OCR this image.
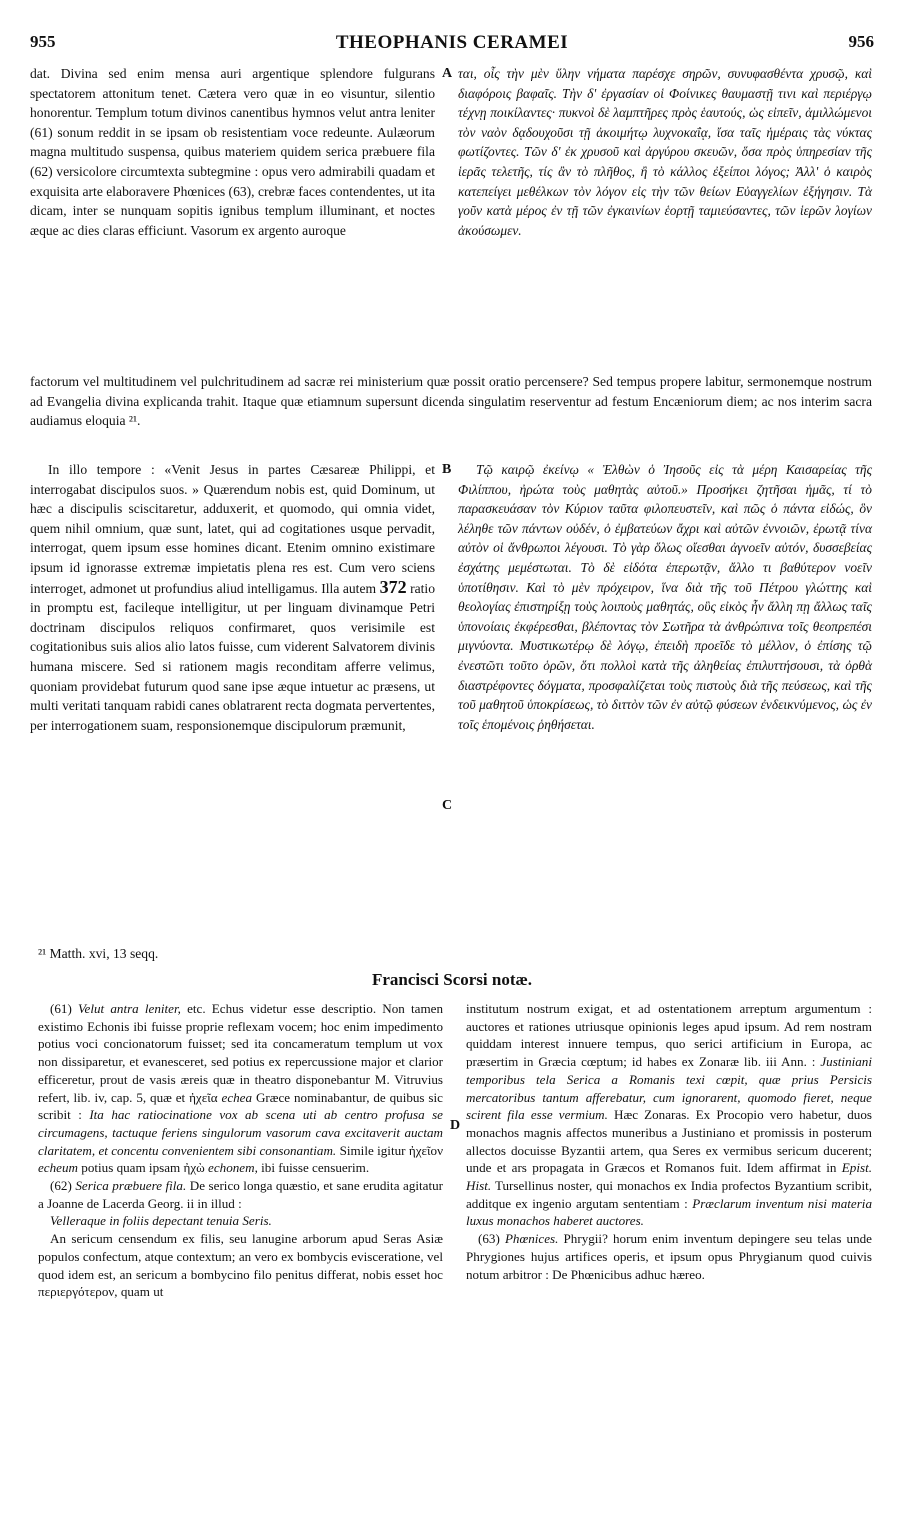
955	THEOPHANIS CERAMEI	956

dat. Divina sed enim mensa auri argentique splendore fulgurans spectatorem attonitum tenet. Cætera vero quæ in eo visuntur, silentio honorentur. Templum totum divinos canentibus hymnos velut antra leniter (61) sonum reddit in se ipsam ob resistentiam voce redeunte. Aulæorum magna multitudo suspensa, quibus materiem quidem serica præbuere fila (62) versicolore circumtexta subtegmine : opus vero admirabili quadam et exquisita arte elaboravere Phœnices (63), crebræ faces contendentes, ut ita dicam, inter se nunquam sopitis ignibus templum illuminant, et noctes æque ac dies claras efficiunt. Vasorum ex argento auroque

A ται, οἷς τὴν μὲν ὕλην νήματα παρέσχε σηρῶν, συνυφασθέντα χρυσῷ, καὶ διαφόροις βαφαῖς. Τὴν δ' ἐργασίαν οἱ Φοίνικες θαυμαστῇ τινι καὶ περιέργῳ τέχνῃ ποικίλαντες· πυκνοὶ δὲ λαμπτῆρες πρὸς ἑαυτούς, ὡς εἰπεῖν, ἁμιλλώμενοι τὸν ναὸν δᾳδουχοῦσι τῇ ἀκοιμήτῳ λυχνοκαΐᾳ, ἴσα ταῖς ἡμέραις τὰς νύκτας φωτίζοντες. Τῶν δ' ἐκ χρυσοῦ καὶ ἀργύρου σκευῶν, ὅσα πρὸς ὑπηρεσίαν τῆς ἱερᾶς τελετῆς, τίς ἂν τὸ πλῆθος, ἢ τὸ κάλλος ἐξείποι λόγος; Ἀλλ' ὁ καιρὸς κατεπείγει μεθέλκων τὸν λόγον εἰς τὴν τῶν θείων Εὐαγγελίων ἐξήγησιν. Τὰ γοῦν κατὰ μέρος ἐν τῇ τῶν ἐγκαινίων ἑορτῇ ταμιεύσαντες, τῶν ἱερῶν λογίων ἀκούσωμεν.

factorum vel multitudinem vel pulchritudinem ad sacræ rei ministerium quæ possit oratio percensere? Sed tempus propere labitur, sermonemque nostrum ad Evangelia divina explicanda trahit. Itaque quæ etiamnum supersunt dicenda singulatim reserventur ad festum Encæniorum diem; ac nos interim sacra audiamus eloquia ²¹.

In illo tempore : «Venit Jesus in partes Cæsareæ Philippi, et interrogabat discipulos suos. » Quærendum nobis est, quid Dominum, ut hæc a discipulis sciscitaretur, adduxerit, et quomodo, qui omnia videt, quem nihil omnium, quæ sunt, latet, qui ad cogitationes usque pervadit, interrogat, quem ipsum esse homines dicant. Etenim omnino existimare ipsum id ignorasse extremæ impietatis plena res est. Cum vero sciens interroget, admonet ut profundius aliud intelligamus. Illa autem 372 ratio in promptu est, facileque intelligitur, ut per linguam divinamque Petri doctrinam discipulos reliquos confirmaret, quos verisimile est cogitationibus suis alios alio latos fuisse, cum viderent Salvatorem divinis humana miscere. Sed si rationem magis reconditam afferre velimus, quoniam providebat futurum quod sane ipse æque intuetur ac præsens, ut multi veritati tanquam rabidi canes oblatrarent recta dogmata pervertentes, per interrogationem suam, responsionemque discipulorum præmunit,

B
C

Τῷ καιρῷ ἐκείνῳ « Ἐλθὼν ὁ Ἰησοῦς εἰς τὰ μέρη Καισαρείας τῆς Φιλίππου, ἠρώτα τοὺς μαθητὰς αὐτοῦ.» Προσήκει ζητῆσαι ἡμᾶς, τί τὸ παρασκευάσαν τὸν Κύριον ταῦτα φιλοπευστεῖν, καὶ πῶς ὁ πάντα εἰδώς, ὃν λέληθε τῶν πάντων οὐδέν, ὁ ἐμβατεύων ἄχρι καὶ αὐτῶν ἐννοιῶν, ἐρωτᾷ τίνα αὐτὸν οἱ ἄνθρωποι λέγουσι. Τὸ γὰρ ὅλως οἴεσθαι ἀγνοεῖν αὐτόν, δυσσεβείας ἐσχάτης μεμέστωται. Τὸ δὲ εἰδότα ἐπερωτᾷν, ἄλλο τι βαθύτερον νοεῖν ὑποτίθησιν. Καὶ τὸ μὲν πρόχειρον, ἵνα διὰ τῆς τοῦ Πέτρου γλώττης καὶ θεολογίας ἐπιστηρίξῃ τοὺς λοιποὺς μαθητάς, οὓς εἰκὸς ἦν ἄλλη πῃ ἄλλως ταῖς ὑπονοίαις ἐκφέρεσθαι, βλέποντας τὸν Σωτῆρα τὰ ἀνθρώπινα τοῖς θεοπρεπέσι μιγνύοντα. Μυστικωτέρῳ δὲ λόγῳ, ἐπειδὴ προεῖδε τὸ μέλλον, ὁ ἐπίσης τῷ ἐνεστῶτι τοῦτο ὁρῶν, ὅτι πολλοὶ κατὰ τῆς ἀληθείας ἐπιλυττήσουσι, τὰ ὀρθὰ διαστρέφοντες δόγματα, προσφαλίζεται τοὺς πιστοὺς διὰ τῆς πεύσεως, καὶ τῆς τοῦ μαθητοῦ ὑποκρίσεως, τὸ διττὸν τῶν ἐν αὐτῷ φύσεων ἐνδεικνύμενος, ὡς ἐν τοῖς ἑπομένοις ῥηθήσεται.

²¹ Matth. xvi, 13 seqq.
Francisci Scorsi notæ.
D

(61) Velut antra leniter, etc. Echus videtur esse descriptio. Non tamen existimo Echonis ibi fuisse proprie reflexam vocem; hoc enim impedimento potius voci concionatorum fuisset; sed ita concameratum templum ut vox non dissiparetur, et evanesceret, sed potius ex repercussione major et clarior efficeretur, prout de vasis æreis quæ in theatro disponebantur M. Vitruvius refert, lib. iv, cap. 5, quæ et ἠχεῖα echea Græce nominabantur, de quibus sic scribit : Ita hac ratiocinatione vox ab scena uti ab centro profusa se circumagens, tactuque feriens singulorum vasorum cava excitaverit auctam claritatem, et concentu convenientem sibi consonantiam. Simile igitur ἠχεῖον echeum potius quam ipsam ἠχὼ echonem, ibi fuisse censuerim.

(62) Serica præbuere fila. De serico longa quæstio, et sane erudita agitatur a Joanne de Lacerda Georg. ii in illud :

Velleraque in foliis depectant tenuia Seris.

An sericum censendum ex filis, seu lanugine arborum apud Seras Asiæ populos confectum, atque contextum; an vero ex bombycis evisceratione, vel quod idem est, an sericum a bombycino filo penitus differat, nobis esset hoc περιεργότερον, quam ut

institutum nostrum exigat, et ad ostentationem arreptum argumentum : auctores et rationes utriusque opinionis leges apud ipsum. Ad rem nostram quiddam interest innuere tempus, quo serici artificium in Europa, ac præsertim in Græcia cœptum; id habes ex Zonaræ lib. iii Ann. : Justiniani temporibus tela Serica a Romanis texi cœpit, quæ prius Persicis mercatoribus tantum afferebatur, cum ignorarent, quomodo fieret, neque scirent fila esse vermium. Hæc Zonaras. Ex Procopio vero habetur, duos monachos magnis affectos muneribus a Justiniano et promissis in posterum allectos docuisse Byzantii artem, qua Seres ex vermibus sericum ducerent; unde et ars propagata in Græcos et Romanos fuit. Idem affirmat in Epist. Hist. Tursellinus noster, qui monachos ex India profectos Byzantium scribit, additque ex ingenio argutam sententiam : Præclarum inventum nisi materia luxus monachos haberet auctores.

(63) Phœnices. Phrygii? horum enim inventum depingere seu telas unde Phrygiones hujus artifices operis, et ipsum opus Phrygianum quod cuivis notum arbitror : De Phœnicibus adhuc hæreo.
